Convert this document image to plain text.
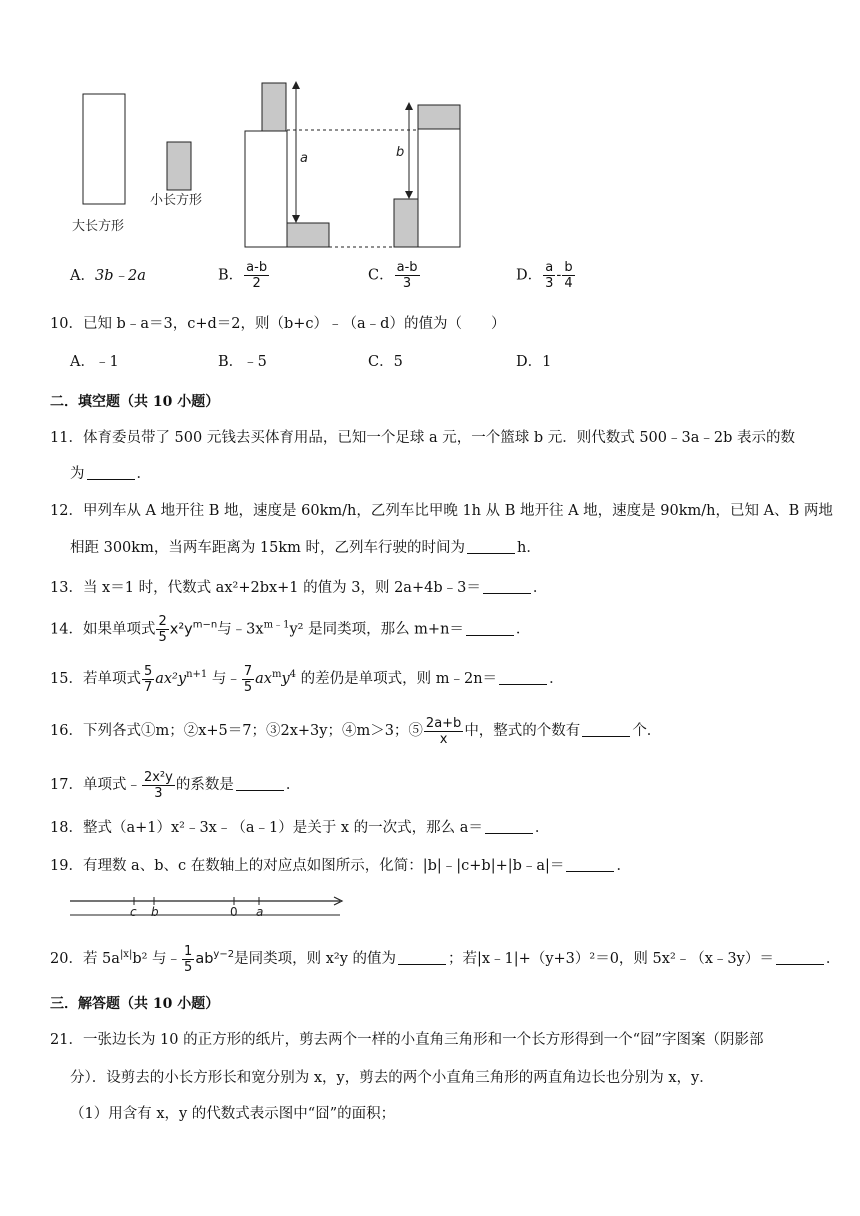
大长方形
小长方形
a	b
A．3b﹣2a	B． $\frac{a-b}{2}$	C． $\frac{a-b}{3}$	D． $\frac{a}{3} - \frac{b}{4}$
10．已知 b﹣a＝3，c+d＝2，则（b+c）﹣（a﹣d）的值为（　　）
A．﹣1	B．﹣5	C．5	D．1
二．填空题（共 10 小题）
11．体育委员带了 500 元钱去买体育用品，已知一个足球 a 元，一个篮球 b 元．则代数式 500﹣3a﹣2b 表示的数
为	．
12．甲列车从 A 地开往 B 地，速度是 60km/h，乙列车比甲晚 1h 从 B 地开往 A 地，速度是 90km/h，已知 A、B 两地
相距 300km，当两车距离为 15km 时，乙列车行驶的时间为	h．
13．当 x＝1 时，代数式 ax²+2bx+1 的值为 3，则 2a+4b﹣3＝	．
14．如果单项式 $\frac{2}{5} x^2y^{m-n}$与$﹣3x^{m﹣1}y^2$ 是同类项，那么 m+n＝	．
15．若单项式 $\frac{5}{7} ax^2y^{n+1}$ 与﹣ $\frac{7}{5} ax^my^4$ 的差仍是单项式，则 m﹣2n＝	．
16．下列各式①m；②x+5＝7；③2x+3y；④m＞3；⑤ $\frac{2a+b}{x}$ 中，整式的个数有	个．
17．单项式﹣ $\frac{\text{2x²y}}{3}$ 的系数是	．
18．整式（a+1）x²﹣3x﹣（a﹣1）是关于 x 的一次式，那么 a＝	．
19．有理数 a、b、c 在数轴上的对应点如图所示，化简：|b|﹣|c+b|+|b﹣a|＝	．
c b	0 a
20．若 $5a^{|x|}b^2$ 与﹣ $\frac{1}{5} ab^{y-2}$是同类项，则 x²y 的值为	；若|x﹣1|+（y+3）²＝0，则 5x²﹣（x﹣3y）＝	．
三．解答题（共 10 小题）
21．一张边长为 10 的正方形的纸片，剪去两个一样的小直角三角形和一个长方形得到一个“囧”字图案（阴影部
分）．设剪去的小长方形长和宽分别为 x，y，剪去的两个小直角三角形的两直角边长也分别为 x，y．
（1）用含有 x，y 的代数式表示图中“囧”的面积；
